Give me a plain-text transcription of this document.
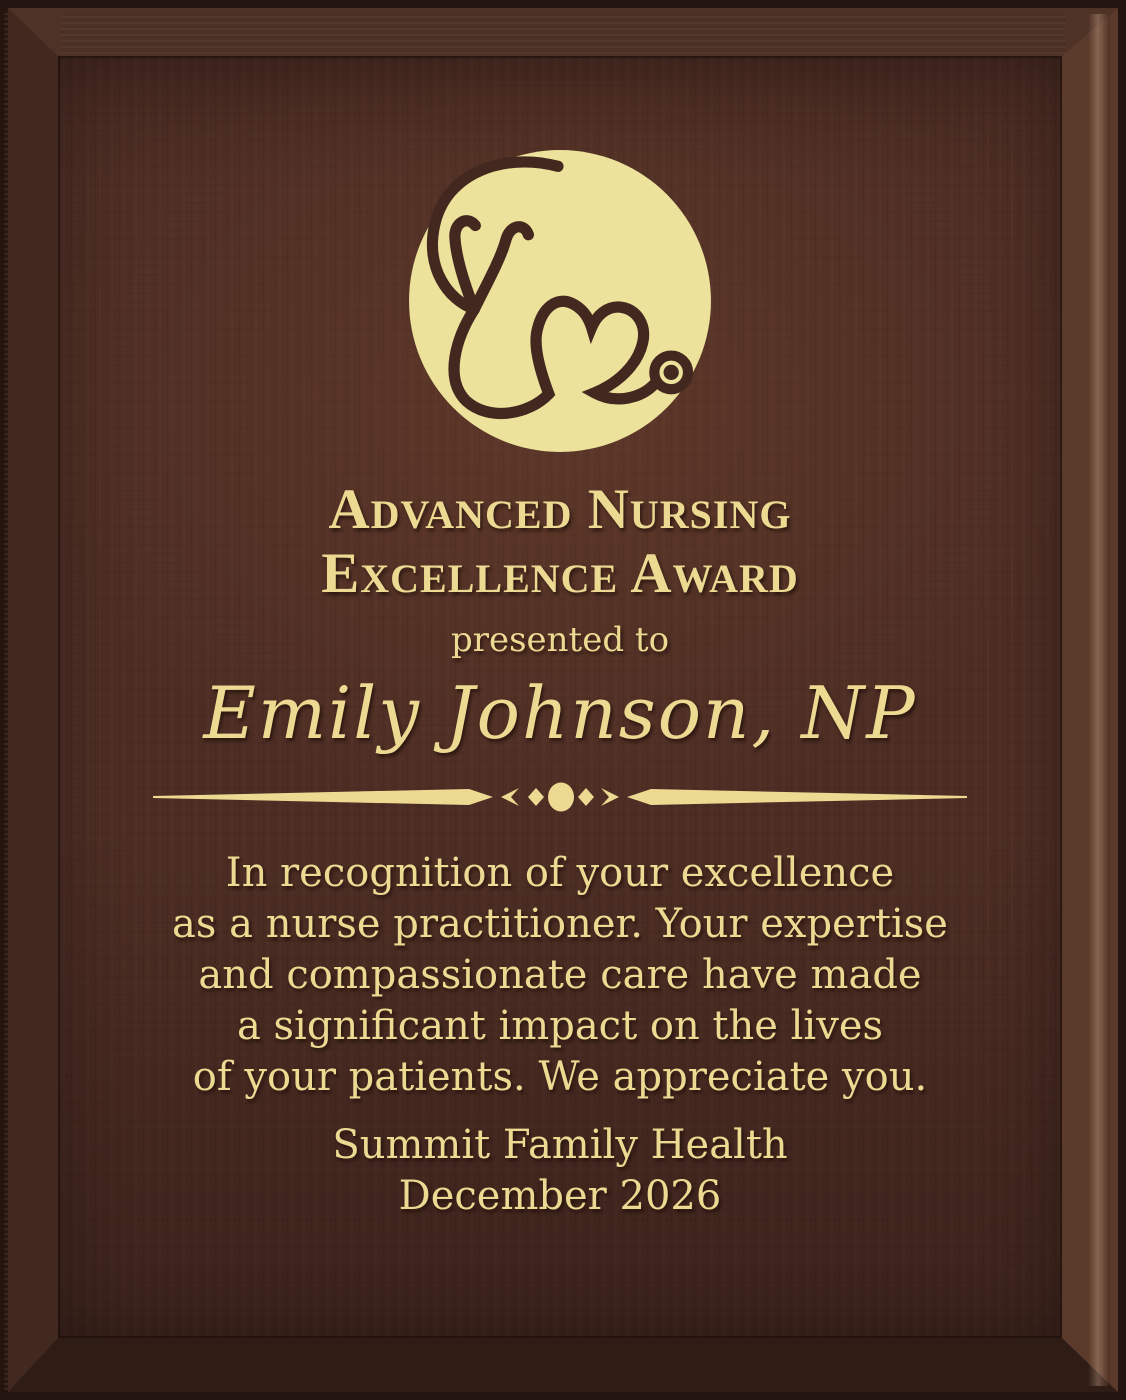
Advanced Nursing
Excellence Award
presented to
Emily Johnson, NP
In recognition of your excellence
as a nurse practitioner. Your expertise
and compassionate care have made
a significant impact on the lives
of your patients. We appreciate you.
Summit Family Health
December 2026
